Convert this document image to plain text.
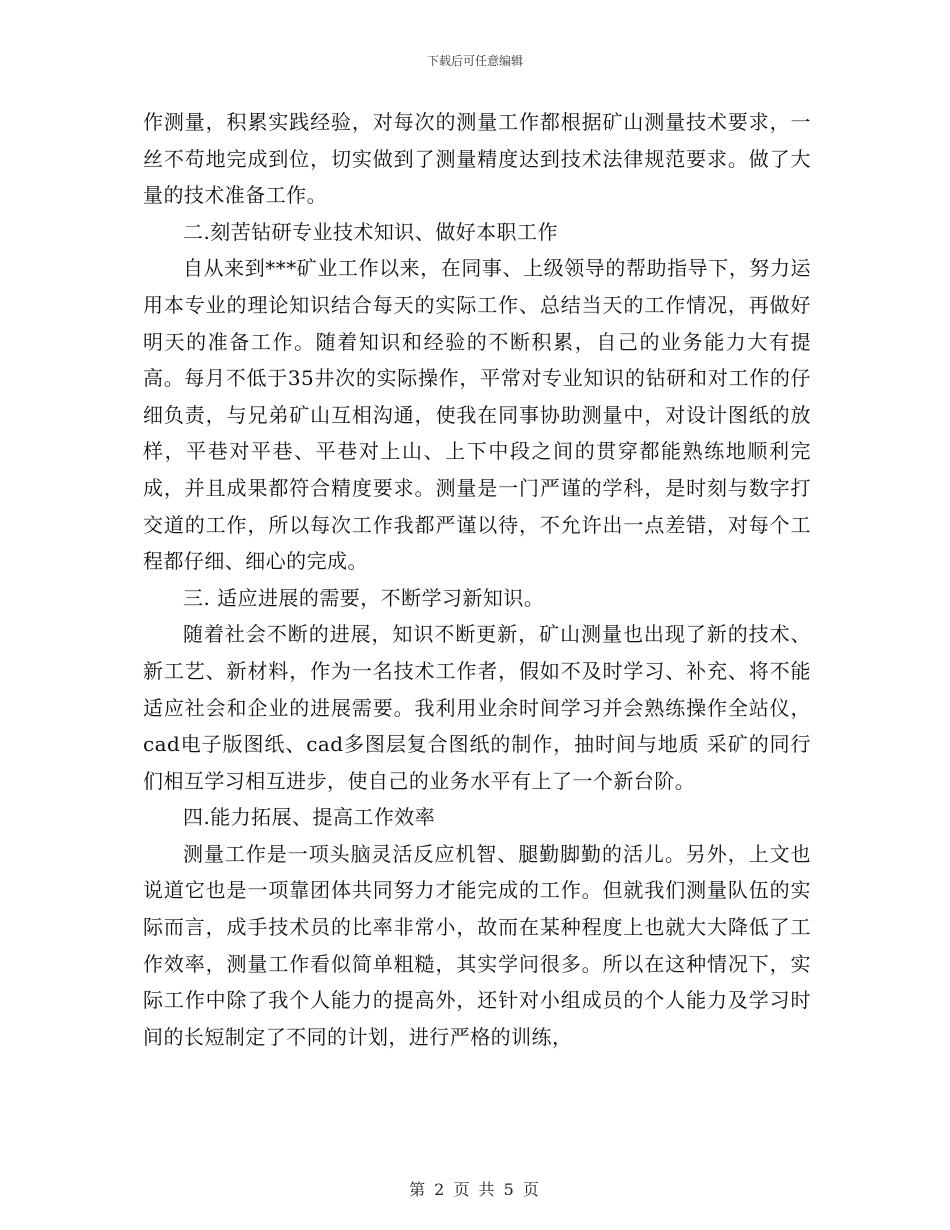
下载后可任意编辑

作测量，积累实践经验，对每次的测量工作都根据矿山测量技术要求，一丝不苟地完成到位，切实做到了测量精度达到技术法律规范要求。做了大量的技术准备工作。

二.刻苦钻研专业技术知识、做好本职工作

自从来到***矿业工作以来，在同事、上级领导的帮助指导下，努力运用本专业的理论知识结合每天的实际工作、总结当天的工作情况，再做好明天的准备工作。随着知识和经验的不断积累，自己的业务能力大有提高。每月不低于35井次的实际操作，平常对专业知识的钻研和对工作的仔细负责，与兄弟矿山互相沟通，使我在同事协助测量中，对设计图纸的放样，平巷对平巷、平巷对上山、上下中段之间的贯穿都能熟练地顺利完成，并且成果都符合精度要求。测量是一门严谨的学科，是时刻与数字打交道的工作，所以每次工作我都严谨以待，不允许出一点差错，对每个工程都仔细、细心的完成。

三. 适应进展的需要，不断学习新知识。

随着社会不断的进展，知识不断更新，矿山测量也出现了新的技术、新工艺、新材料，作为一名技术工作者，假如不及时学习、补充、将不能适应社会和企业的进展需要。我利用业余时间学习并会熟练操作全站仪，cad电子版图纸、cad多图层复合图纸的制作，抽时间与地质 采矿的同行们相互学习相互进步，使自己的业务水平有上了一个新台阶。

四.能力拓展、提高工作效率

测量工作是一项头脑灵活反应机智、腿勤脚勤的活儿。另外，上文也说道它也是一项靠团体共同努力才能完成的工作。但就我们测量队伍的实际而言，成手技术员的比率非常小，故而在某种程度上也就大大降低了工作效率，测量工作看似简单粗糙，其实学问很多。所以在这种情况下，实际工作中除了我个人能力的提高外，还针对小组成员的个人能力及学习时间的长短制定了不同的计划，进行严格的训练，

第 2 页 共 5 页
